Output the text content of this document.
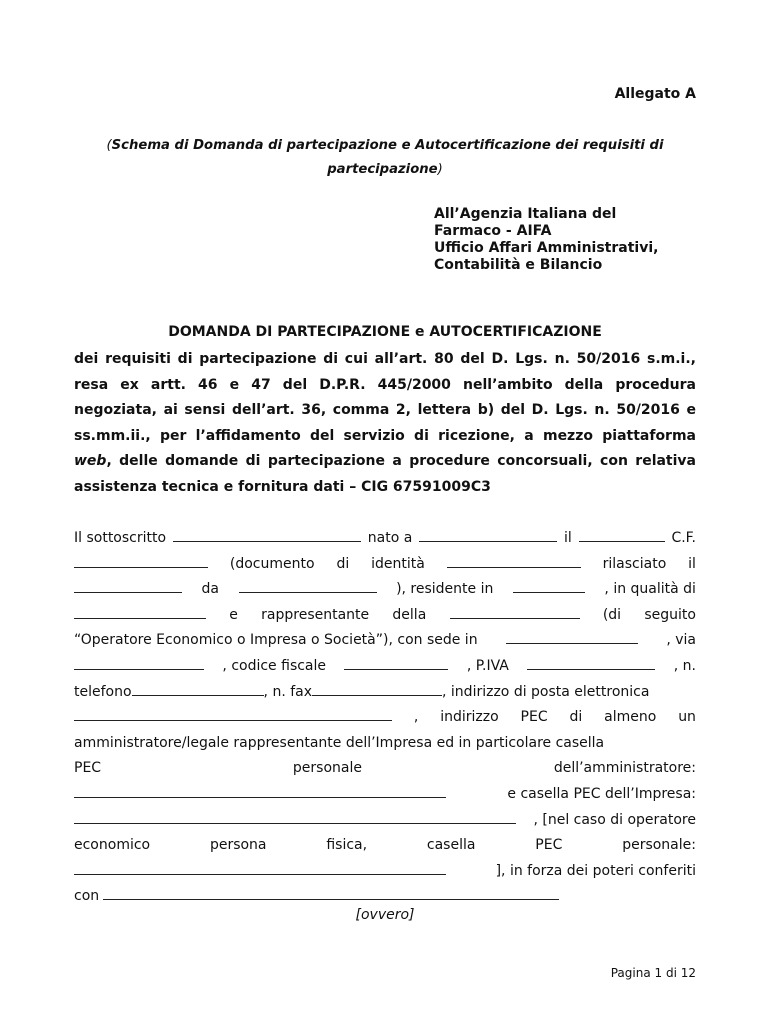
Allegato A
(Schema di Domanda di partecipazione e Autocertificazione dei requisiti di partecipazione)
All’Agenzia Italiana del
Farmaco - AIFA
Ufficio Affari Amministrativi,
Contabilità e Bilancio
DOMANDA DI PARTECIPAZIONE e AUTOCERTIFICAZIONE
dei requisiti di partecipazione di cui all’art. 80 del D. Lgs. n. 50/2016 s.m.i., resa ex artt. 46 e 47 del D.P.R. 445/2000 nell’ambito della procedura negoziata, ai sensi dell’art. 36, comma 2, lettera b) del D. Lgs. n. 50/2016 e ss.mm.ii., per l’affidamento del servizio di ricezione, a mezzo piattaforma web, delle domande di partecipazione a procedure concorsuali, con relativa assistenza tecnica e fornitura dati – CIG 67591009C3
Il sottoscritto	nato a	il	C.F.
(documento di identità	rilasciato il
da	), residente in	, in qualità di
e rappresentante della	(di seguito
“Operatore Economico o Impresa o Società”), con sede in	, via
, codice fiscale	, P.IVA	, n.
telefono	, n. fax	, indirizzo di posta elettronica
, indirizzo PEC di almeno un
amministratore/legale rappresentante dell’Impresa ed in particolare casella
PEC	personale	dell’amministratore:
e casella PEC dell’Impresa:
, [nel caso di operatore
economico	persona	fisica,	casella	PEC	personale:
], in forza dei poteri conferiti
con
[ovvero]
Pagina 1 di 12
